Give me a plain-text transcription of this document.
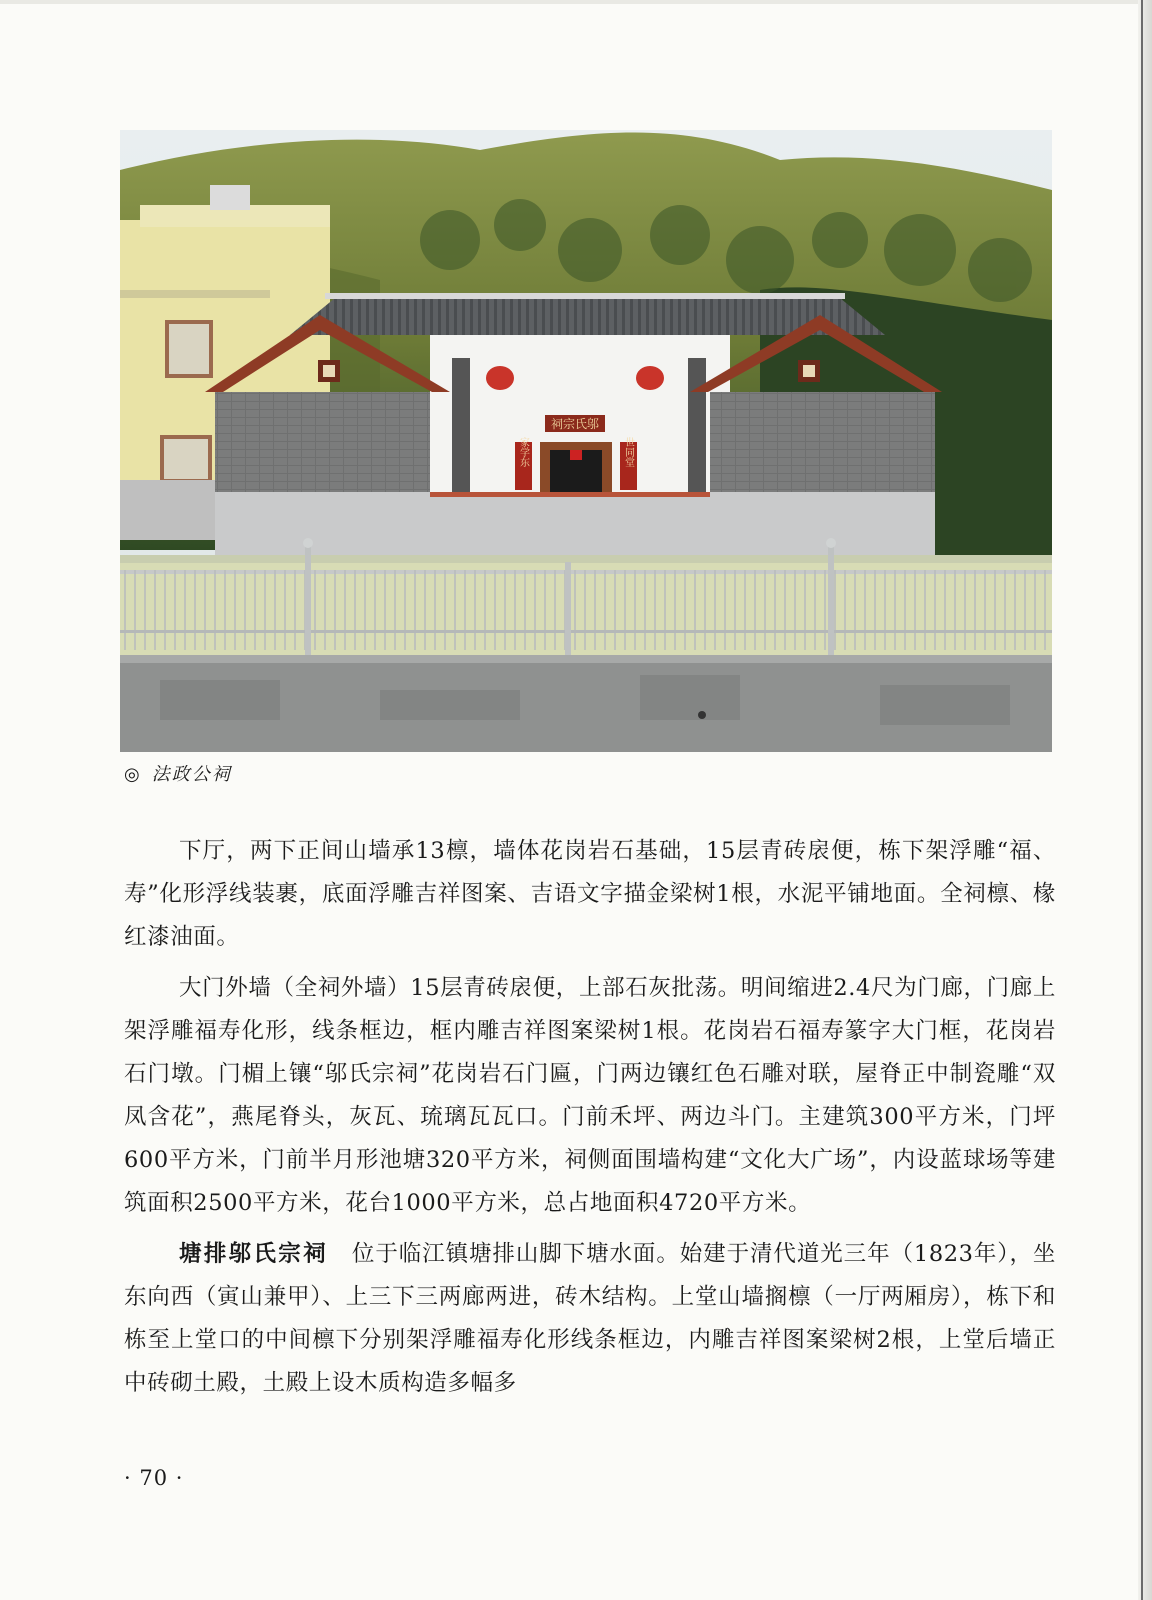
祠宗氏邬
家学东	世同堂
◎ 法政公祠

下厅，两下正间山墙承13檩，墙体花岗岩石基础，15层青砖扆便，栋下架浮雕“福、寿”化形浮线装裹，底面浮雕吉祥图案、吉语文字描金梁树1根，水泥平铺地面。全祠檩、椽红漆油面。

大门外墙（全祠外墙）15层青砖扆便，上部石灰批荡。明间缩进2.4尺为门廊，门廊上架浮雕福寿化形，线条框边，框内雕吉祥图案梁树1根。花岗岩石福寿篆字大门框，花岗岩石门墩。门楣上镶“邬氏宗祠”花岗岩石门匾，门两边镶红色石雕对联，屋脊正中制瓷雕“双凤含花”，燕尾脊头，灰瓦、琉璃瓦瓦口。门前禾坪、两边斗门。主建筑300平方米，门坪600平方米，门前半月形池塘320平方米，祠侧面围墙构建“文化大广场”，内设蓝球场等建筑面积2500平方米，花台1000平方米，总占地面积4720平方米。

塘排邬氏宗祠 位于临江镇塘排山脚下塘水面。始建于清代道光三年（1823年），坐东向西（寅山兼甲）、上三下三两廊两进，砖木结构。上堂山墙搁檩（一厅两厢房），栋下和栋至上堂口的中间檩下分别架浮雕福寿化形线条框边，内雕吉祥图案梁树2根，上堂后墙正中砖砌土殿，土殿上设木质构造多幅多

· 70 ·
